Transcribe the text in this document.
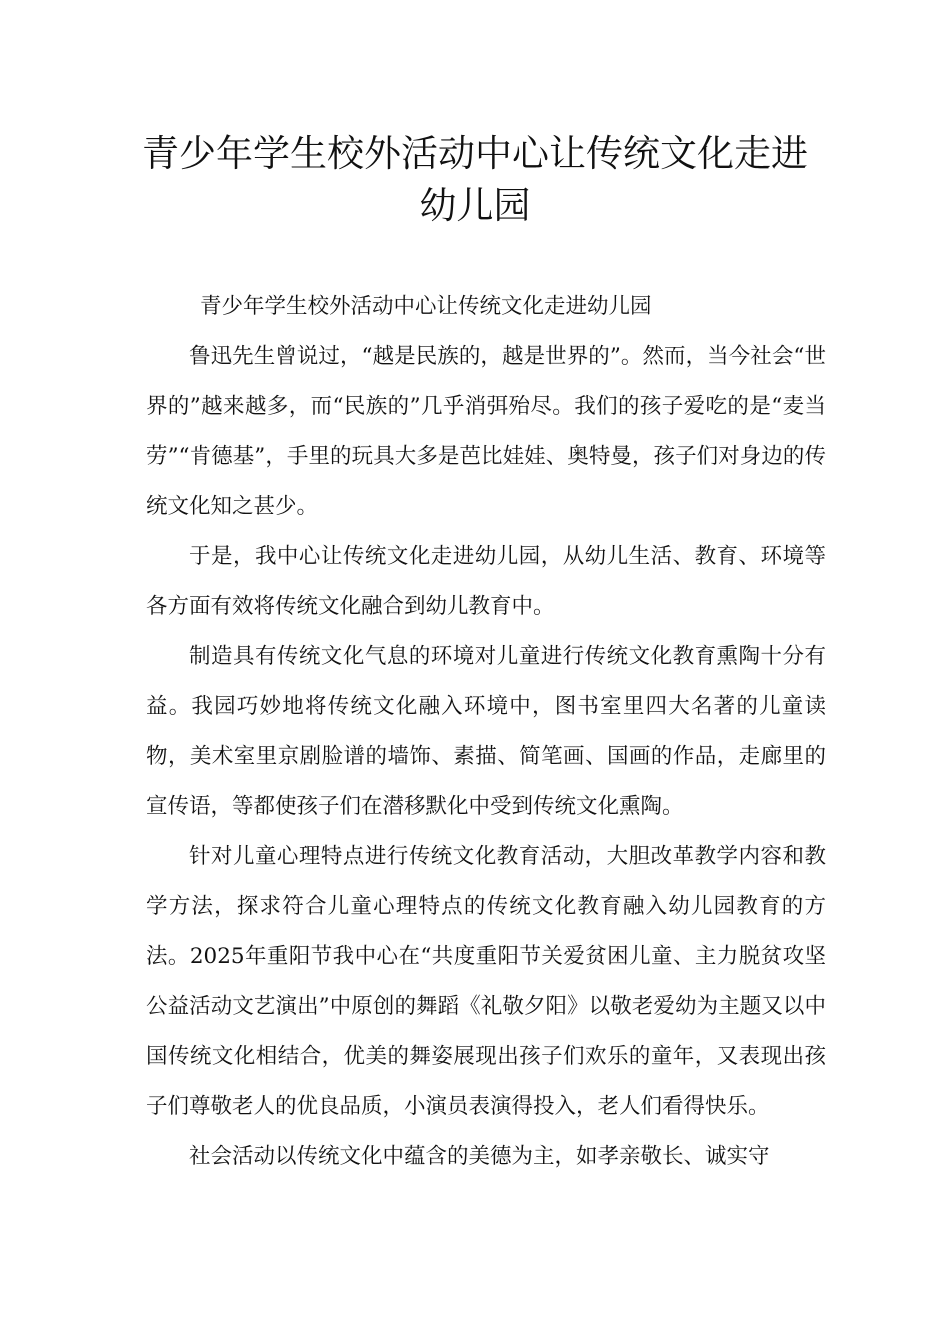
青少年学生校外活动中心让传统文化走进幼儿园

青少年学生校外活动中心让传统文化走进幼儿园

鲁迅先生曾说过，“越是民族的，越是世界的”。然而，当今社会“世界的”越来越多，而“民族的”几乎消弭殆尽。我们的孩子爱吃的是“麦当劳”“肯德基”，手里的玩具大多是芭比娃娃、奥特曼，孩子们对身边的传统文化知之甚少。

于是，我中心让传统文化走进幼儿园，从幼儿生活、教育、环境等各方面有效将传统文化融合到幼儿教育中。

制造具有传统文化气息的环境对儿童进行传统文化教育熏陶十分有益。我园巧妙地将传统文化融入环境中，图书室里四大名著的儿童读物，美术室里京剧脸谱的墙饰、素描、简笔画、国画的作品，走廊里的宣传语，等都使孩子们在潜移默化中受到传统文化熏陶。

针对儿童心理特点进行传统文化教育活动，大胆改革教学内容和教学方法，探求符合儿童心理特点的传统文化教育融入幼儿园教育的方法。2025年重阳节我中心在“共度重阳节关爱贫困儿童、主力脱贫攻坚公益活动文艺演出”中原创的舞蹈《礼敬夕阳》以敬老爱幼为主题又以中国传统文化相结合，优美的舞姿展现出孩子们欢乐的童年，又表现出孩子们尊敬老人的优良品质，小演员表演得投入，老人们看得快乐。

社会活动以传统文化中蕴含的美德为主，如孝亲敬长、诚实守
